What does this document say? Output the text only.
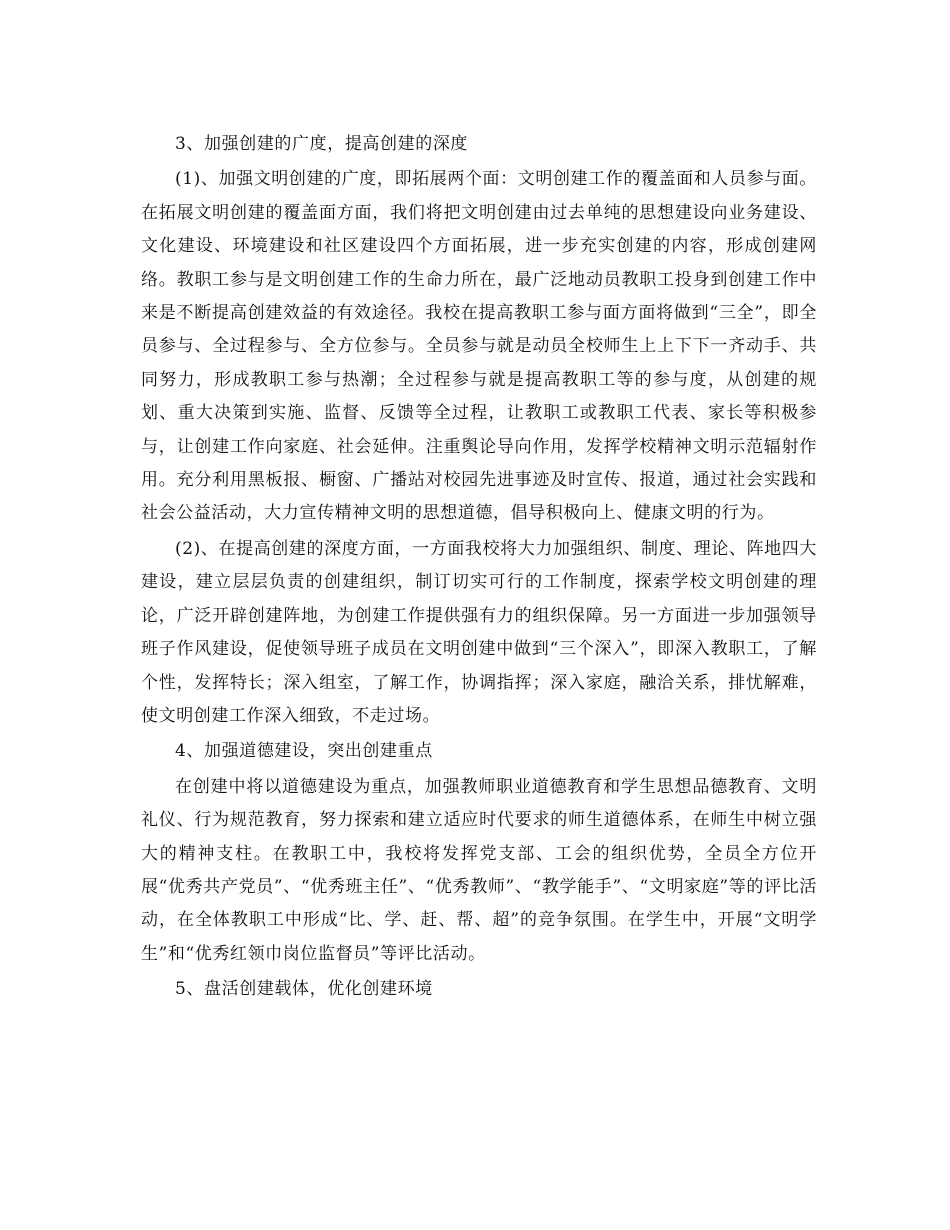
3、加强创建的广度，提高创建的深度

(1)、加强文明创建的广度，即拓展两个面：文明创建工作的覆盖面和人员参与面。在拓展文明创建的覆盖面方面，我们将把文明创建由过去单纯的思想建设向业务建设、文化建设、环境建设和社区建设四个方面拓展，进一步充实创建的内容，形成创建网络。教职工参与是文明创建工作的生命力所在，最广泛地动员教职工投身到创建工作中来是不断提高创建效益的有效途径。我校在提高教职工参与面方面将做到“三全”，即全员参与、全过程参与、全方位参与。全员参与就是动员全校师生上上下下一齐动手、共同努力，形成教职工参与热潮；全过程参与就是提高教职工等的参与度，从创建的规划、重大决策到实施、监督、反馈等全过程，让教职工或教职工代表、家长等积极参与，让创建工作向家庭、社会延伸。注重舆论导向作用，发挥学校精神文明示范辐射作用。充分利用黑板报、橱窗、广播站对校园先进事迹及时宣传、报道，通过社会实践和社会公益活动，大力宣传精神文明的思想道德，倡导积极向上、健康文明的行为。

(2)、在提高创建的深度方面，一方面我校将大力加强组织、制度、理论、阵地四大建设，建立层层负责的创建组织，制订切实可行的工作制度，探索学校文明创建的理论，广泛开辟创建阵地，为创建工作提供强有力的组织保障。另一方面进一步加强领导班子作风建设，促使领导班子成员在文明创建中做到“三个深入”，即深入教职工，了解个性，发挥特长；深入组室，了解工作，协调指挥；深入家庭，融洽关系，排忧解难，使文明创建工作深入细致，不走过场。

4、加强道德建设，突出创建重点

在创建中将以道德建设为重点，加强教师职业道德教育和学生思想品德教育、文明礼仪、行为规范教育，努力探索和建立适应时代要求的师生道德体系，在师生中树立强大的精神支柱。在教职工中，我校将发挥党支部、工会的组织优势，全员全方位开展“优秀共产党员”、“优秀班主任”、“优秀教师”、“教学能手”、“文明家庭”等的评比活动，在全体教职工中形成“比、学、赶、帮、超”的竞争氛围。在学生中，开展“文明学生”和“优秀红领巾岗位监督员”等评比活动。

5、盘活创建载体，优化创建环境
